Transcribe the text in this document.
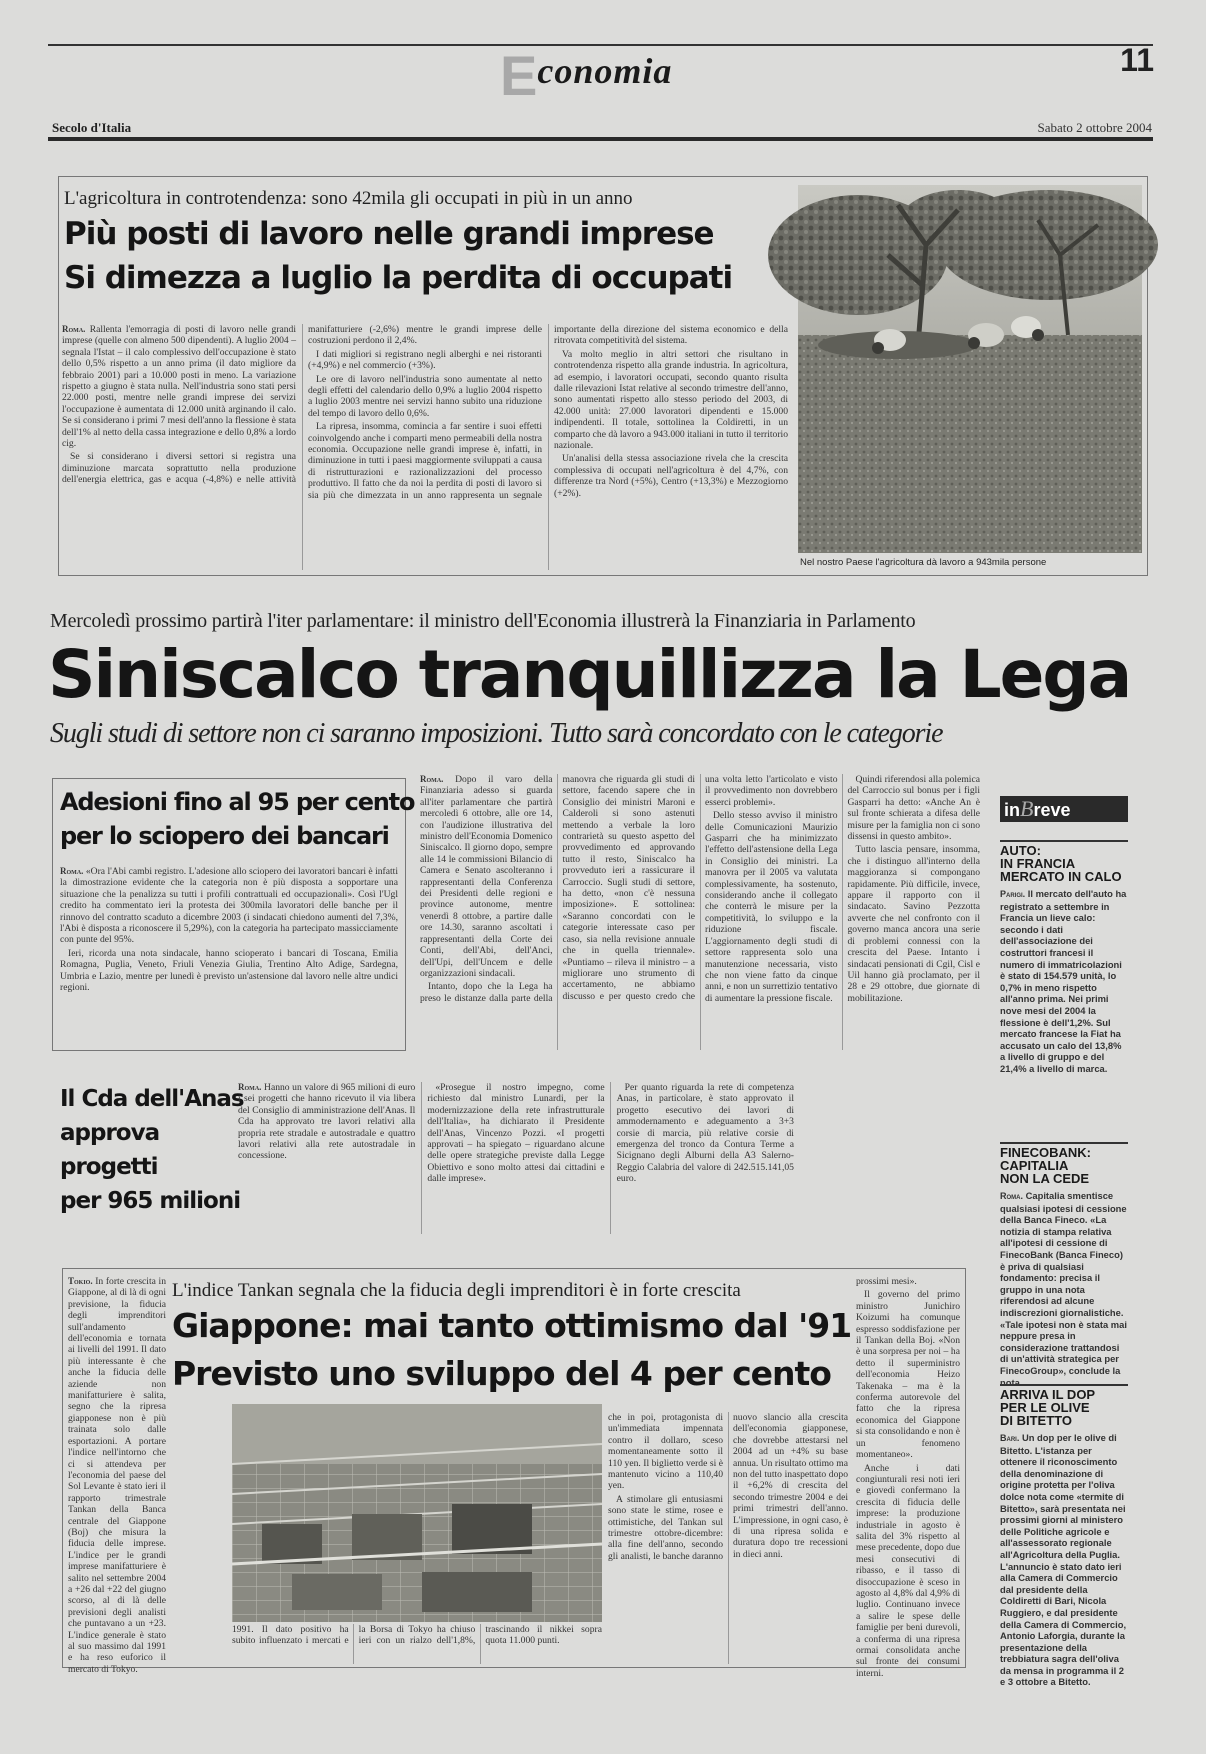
Economia	11
Secolo d'Italia	Sabato 2 ottobre 2004
L'agricoltura in controtendenza: sono 42mila gli occupati in più in un anno
Più posti di lavoro nelle grandi imprese
Si dimezza a luglio la perdita di occupati

Roma. Rallenta l'emorragia di posti di lavoro nelle grandi imprese (quelle con almeno 500 dipendenti). A luglio 2004 – segnala l'Istat – il calo complessivo dell'occupazione è stato dello 0,5% rispetto a un anno prima (il dato migliore da febbraio 2001) pari a 10.000 posti in meno. La variazione rispetto a giugno è stata nulla. Nell'industria sono stati persi 22.000 posti, mentre nelle grandi imprese dei servizi l'occupazione è aumentata di 12.000 unità arginando il calo. Se si considerano i primi 7 mesi dell'anno la flessione è stata dell'1% al netto della cassa integrazione e dello 0,8% a lordo cig.

Se si considerano i diversi settori si registra una diminuzione marcata soprattutto nella produzione dell'energia elettrica, gas e acqua (-4,8%) e nelle attività manifatturiere (-2,6%) mentre le grandi imprese delle costruzioni perdono il 2,4%.

I dati migliori si registrano negli alberghi e nei ristoranti (+4,9%) e nel commercio (+3%).

Le ore di lavoro nell'industria sono aumentate al netto degli effetti del calendario dello 0,9% a luglio 2004 rispetto a luglio 2003 mentre nei servizi hanno subito una riduzione del tempo di lavoro dello 0,6%.

La ripresa, insomma, comincia a far sentire i suoi effetti coinvolgendo anche i comparti meno permeabili della nostra economia. Occupazione nelle grandi imprese è, infatti, in diminuzione in tutti i paesi maggiormente sviluppati a causa di ristrutturazioni e razionalizzazioni del processo produttivo. Il fatto che da noi la perdita di posti di lavoro si sia più che dimezzata in un anno rappresenta un segnale importante della direzione del sistema economico e della ritrovata competitività del sistema.

Va molto meglio in altri settori che risultano in controtendenza rispetto alla grande industria. In agricoltura, ad esempio, i lavoratori occupati, secondo quanto risulta dalle rilevazioni Istat relative al secondo trimestre dell'anno, sono aumentati rispetto allo stesso periodo del 2003, di 42.000 unità: 27.000 lavoratori dipendenti e 15.000 indipendenti. Il totale, sottolinea la Coldiretti, in un comparto che dà lavoro a 943.000 italiani in tutto il territorio nazionale.

Un'analisi della stessa associazione rivela che la crescita complessiva di occupati nell'agricoltura è del 4,7%, con differenze tra Nord (+5%), Centro (+13,3%) e Mezzogiorno (+2%).

Nel nostro Paese l'agricoltura dà lavoro a 943mila persone
Mercoledì prossimo partirà l'iter parlamentare: il ministro dell'Economia illustrerà la Finanziaria in Parlamento
Siniscalco tranquillizza la Lega
Sugli studi di settore non ci saranno imposizioni. Tutto sarà concordato con le categorie
Adesioni fino al 95 per cento
per lo sciopero dei bancari

Roma. «Ora l'Abi cambi registro. L'adesione allo sciopero dei lavoratori bancari è infatti la dimostrazione evidente che la categoria non è più disposta a sopportare una situazione che la penalizza su tutti i profili contrattuali ed occupazionali». Così l'Ugl credito ha commentato ieri la protesta dei 300mila lavoratori delle banche per il rinnovo del contratto scaduto a dicembre 2003 (i sindacati chiedono aumenti del 7,3%, l'Abi è disposta a riconoscere il 5,29%), con la categoria ha partecipato massicciamente con punte del 95%.

Ieri, ricorda una nota sindacale, hanno scioperato i bancari di Toscana, Emilia Romagna, Puglia, Veneto, Friuli Venezia Giulia, Trentino Alto Adige, Sardegna, Umbria e Lazio, mentre per lunedì è previsto un'astensione dal lavoro nelle altre undici regioni.

Roma. Dopo il varo della Finanziaria adesso si guarda all'iter parlamentare che partirà mercoledì 6 ottobre, alle ore 14, con l'audizione illustrativa del ministro dell'Economia Domenico Siniscalco. Il giorno dopo, sempre alle 14 le commissioni Bilancio di Camera e Senato ascolteranno i rappresentanti della Conferenza dei Presidenti delle regioni e province autonome, mentre venerdì 8 ottobre, a partire dalle ore 14.30, saranno ascoltati i rappresentanti della Corte dei Conti, dell'Abi, dell'Anci, dell'Upi, dell'Uncem e delle organizzazioni sindacali.

Intanto, dopo che la Lega ha preso le distanze dalla parte della manovra che riguarda gli studi di settore, facendo sapere che in Consiglio dei ministri Maroni e Calderoli si sono astenuti mettendo a verbale la loro contrarietà su questo aspetto del provvedimento ed approvando tutto il resto, Siniscalco ha provveduto ieri a rassicurare il Carroccio. Sugli studi di settore, ha detto, «non c'è nessuna imposizione». E sottolinea: «Saranno concordati con le categorie interessate caso per caso, sia nella revisione annuale che in quella triennale». «Puntiamo – rileva il ministro – a migliorare uno strumento di accertamento, ne abbiamo discusso e per questo credo che una volta letto l'articolato e visto il provvedimento non dovrebbero esserci problemi».

Dello stesso avviso il ministro delle Comunicazioni Maurizio Gasparri che ha minimizzato l'effetto dell'astensione della Lega in Consiglio dei ministri. La manovra per il 2005 va valutata complessivamente, ha sostenuto, considerando anche il collegato che conterrà le misure per la competitività, lo sviluppo e la riduzione fiscale. L'aggiornamento degli studi di settore rappresenta solo una manutenzione necessaria, visto che non viene fatto da cinque anni, e non un surrettizio tentativo di aumentare la pressione fiscale.

Quindi riferendosi alla polemica del Carroccio sul bonus per i figli Gasparri ha detto: «Anche An è sul fronte schierata a difesa delle misure per la famiglia non ci sono dissensi in questo ambito».

Tutto lascia pensare, insomma, che i distinguo all'interno della maggioranza si compongano rapidamente. Più difficile, invece, appare il rapporto con il sindacato. Savino Pezzotta avverte che nel confronto con il governo manca ancora una serie di problemi connessi con la crescita del Paese. Intanto i sindacati pensionati di Cgil, Cisl e Uil hanno già proclamato, per il 28 e 29 ottobre, due giornate di mobilitazione.

Il Cda dell'Anas
approva
progetti
per 965 milioni

Roma. Hanno un valore di 965 milioni di euro i sei progetti che hanno ricevuto il via libera del Consiglio di amministrazione dell'Anas. Il Cda ha approvato tre lavori relativi alla propria rete stradale e autostradale e quattro lavori relativi alla rete autostradale in concessione.

«Prosegue il nostro impegno, come richiesto dal ministro Lunardi, per la modernizzazione della rete infrastrutturale dell'Italia», ha dichiarato il Presidente dell'Anas, Vincenzo Pozzi. «I progetti approvati – ha spiegato – riguardano alcune delle opere strategiche previste dalla Legge Obiettivo e sono molto attesi dai cittadini e dalle imprese».

Per quanto riguarda la rete di competenza Anas, in particolare, è stato approvato il progetto esecutivo dei lavori di ammodernamento e adeguamento a 3+3 corsie di marcia, più relative corsie di emergenza del tronco da Contura Terme a Sicignano degli Alburni della A3 Salerno-Reggio Calabria del valore di 242.515.141,05 euro.

inBreve
AUTO:
IN FRANCIA
MERCATO IN CALO
Parigi. Il mercato dell'auto ha registrato a settembre in Francia un lieve calo: secondo i dati dell'associazione dei costruttori francesi il numero di immatricolazioni è stato di 154.579 unità, lo 0,7% in meno rispetto all'anno prima. Nei primi nove mesi del 2004 la flessione è dell'1,2%. Sul mercato francese la Fiat ha accusato un calo del 13,8% a livello di gruppo e del 21,4% a livello di marca.
FINECOBANK:
CAPITALIA
NON LA CEDE
Roma. Capitalia smentisce qualsiasi ipotesi di cessione della Banca Fineco. «La notizia di stampa relativa all'ipotesi di cessione di FinecoBank (Banca Fineco) è priva di qualsiasi fondamento: precisa il gruppo in una nota riferendosi ad alcune indiscrezioni giornalistiche. «Tale ipotesi non è stata mai neppure presa in considerazione trattandosi di un'attività strategica per FinecoGroup», conclude la nota.
ARRIVA IL DOP
PER LE OLIVE
DI BITETTO
Bari. Un dop per le olive di Bitetto. L'istanza per ottenere il riconoscimento della denominazione di origine protetta per l'oliva dolce nota come «termite di Bitetto», sarà presentata nei prossimi giorni al ministero delle Politiche agricole e all'assessorato regionale all'Agricoltura della Puglia. L'annuncio è stato dato ieri alla Camera di Commercio dal presidente della Coldiretti di Bari, Nicola Ruggiero, e dal presidente della Camera di Commercio, Antonio Laforgia, durante la presentazione della trebbiatura sagra dell'oliva da mensa in programma il 2 e 3 ottobre a Bitetto.
L'indice Tankan segnala che la fiducia degli imprenditori è in forte crescita
Giappone: mai tanto ottimismo dal '91
Previsto uno sviluppo del 4 per cento

Tokio. In forte crescita in Giappone, al di là di ogni previsione, la fiducia degli imprenditori sull'andamento dell'economia e tornata ai livelli del 1991. Il dato più interessante è che anche la fiducia delle aziende non manifatturiere è salita, segno che la ripresa giapponese non è più trainata solo dalle esportazioni. A portare l'indice nell'intorno che ci si attendeva per l'economia del paese del Sol Levante è stato ieri il rapporto trimestrale Tankan della Banca centrale del Giappone (Boj) che misura la fiducia delle imprese. L'indice per le grandi imprese manifatturiere è salito nel settembre 2004 a +26 dal +22 del giugno scorso, al di là delle previsioni degli analisti che puntavano a un +23. L'indice generale è stato al suo massimo dal 1991 e ha reso euforico il mercato di Tokyo.

1991. Il dato positivo ha subito influenzato i mercati e la Borsa di Tokyo ha chiuso ieri con un rialzo dell'1,8%, trascinando il nikkei sopra quota 11.000 punti.

che in poi, protagonista di un'immediata impennata contro il dollaro, sceso momentaneamente sotto il 110 yen. Il biglietto verde si è mantenuto vicino a 110,40 yen.

A stimolare gli entusiasmi sono state le stime, rosee e ottimistiche, del Tankan sul trimestre ottobre-dicembre: alla fine dell'anno, secondo gli analisti, le banche daranno nuovo slancio alla crescita dell'economia giapponese, che dovrebbe attestarsi nel 2004 ad un +4% su base annua. Un risultato ottimo ma non del tutto inaspettato dopo il +6,2% di crescita del secondo trimestre 2004 e dei primi trimestri dell'anno. L'impressione, in ogni caso, è di una ripresa solida e duratura dopo tre recessioni in dieci anni.

prossimi mesi».

Il governo del primo ministro Junichiro Koizumi ha comunque espresso soddisfazione per il Tankan della Boj. «Non è una sorpresa per noi – ha detto il superministro dell'economia Heizo Takenaka – ma è la conferma autorevole del fatto che la ripresa economica del Giappone si sta consolidando e non è un fenomeno momentaneo».

Anche i dati congiunturali resi noti ieri e giovedì confermano la crescita di fiducia delle imprese: la produzione industriale in agosto è salita del 3% rispetto al mese precedente, dopo due mesi consecutivi di ribasso, e il tasso di disoccupazione è sceso in agosto al 4,8% dal 4,9% di luglio. Continuano invece a salire le spese delle famiglie per beni durevoli, a conferma di una ripresa ormai consolidata anche sul fronte dei consumi interni.
